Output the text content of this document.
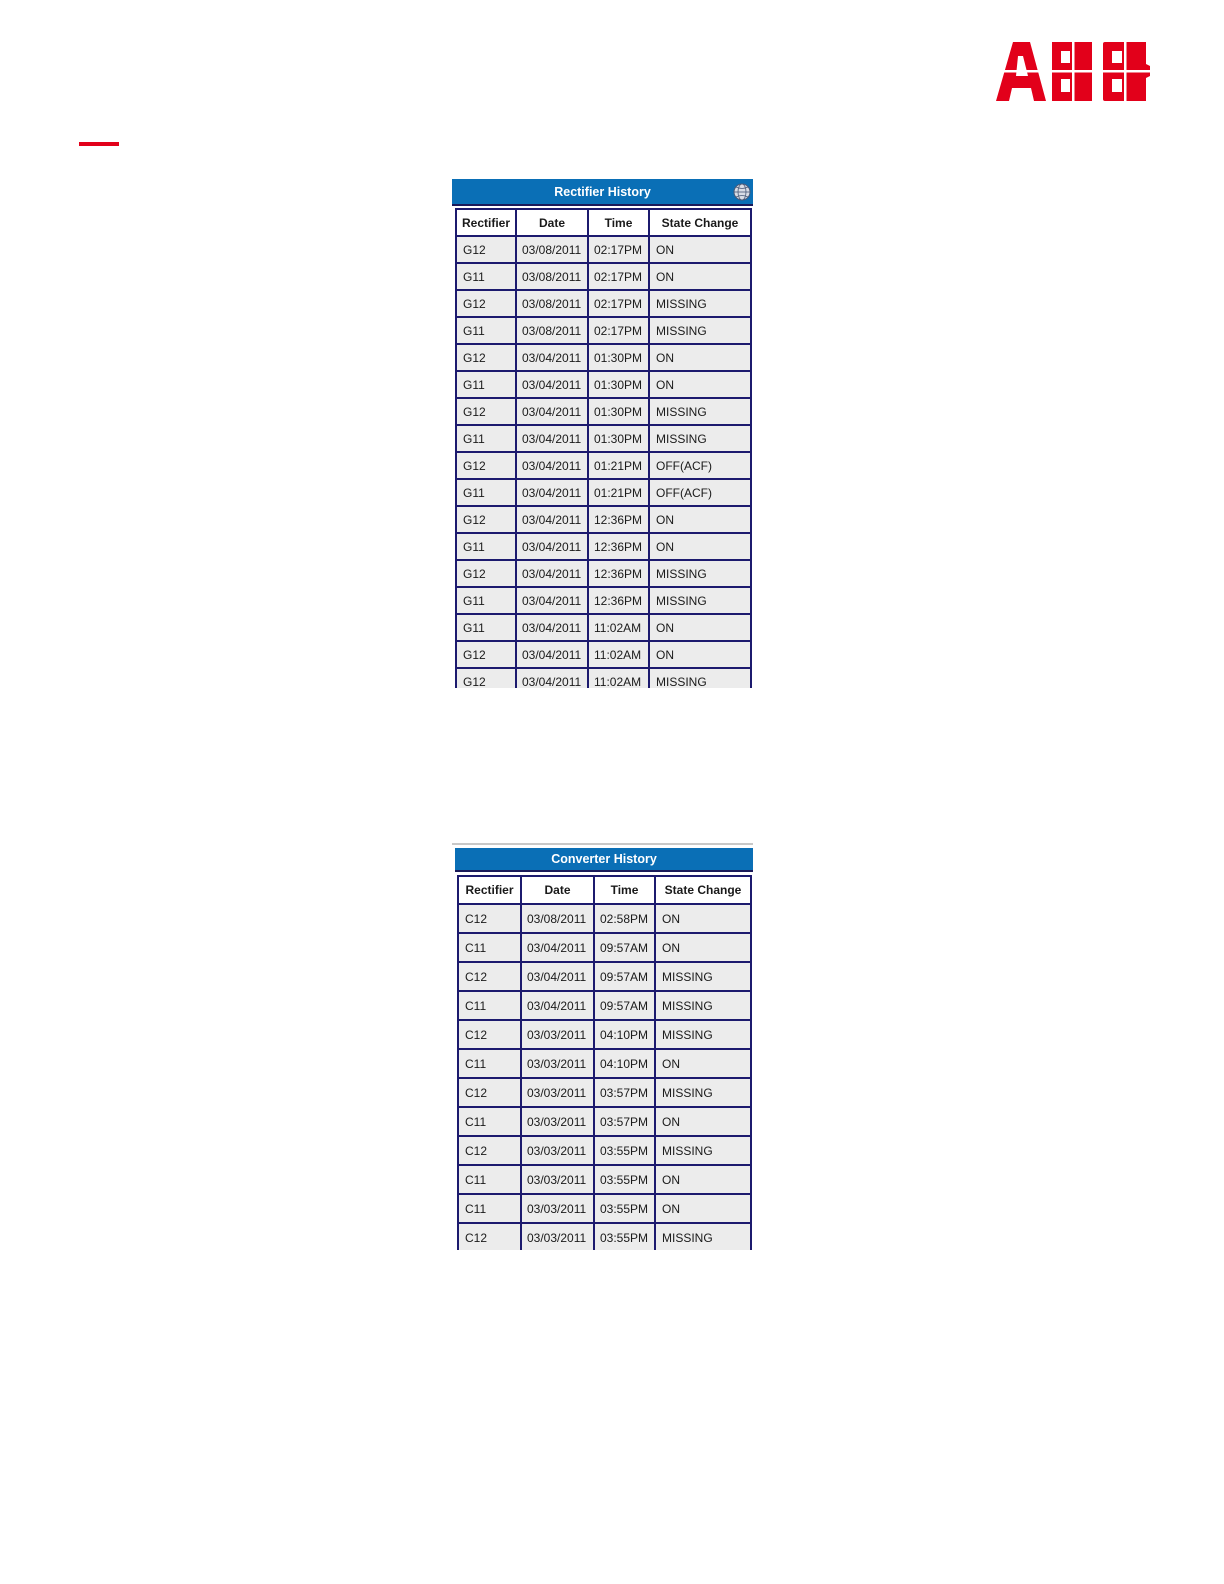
Rectifier History
Rectifier	Date	Time	State Change
G12	03/08/2011	02:17PM	ON
G11	03/08/2011	02:17PM	ON
G12	03/08/2011	02:17PM	MISSING
G11	03/08/2011	02:17PM	MISSING
G12	03/04/2011	01:30PM	ON
G11	03/04/2011	01:30PM	ON
G12	03/04/2011	01:30PM	MISSING
G11	03/04/2011	01:30PM	MISSING
G12	03/04/2011	01:21PM	OFF(ACF)
G11	03/04/2011	01:21PM	OFF(ACF)
G12	03/04/2011	12:36PM	ON
G11	03/04/2011	12:36PM	ON
G12	03/04/2011	12:36PM	MISSING
G11	03/04/2011	12:36PM	MISSING
G11	03/04/2011	11:02AM	ON
G12	03/04/2011	11:02AM	ON
G12	03/04/2011	11:02AM	MISSING
Converter History
Rectifier	Date	Time	State Change
C12	03/08/2011	02:58PM	ON
C11	03/04/2011	09:57AM	ON
C12	03/04/2011	09:57AM	MISSING
C11	03/04/2011	09:57AM	MISSING
C12	03/03/2011	04:10PM	MISSING
C11	03/03/2011	04:10PM	ON
C12	03/03/2011	03:57PM	MISSING
C11	03/03/2011	03:57PM	ON
C12	03/03/2011	03:55PM	MISSING
C11	03/03/2011	03:55PM	ON
C11	03/03/2011	03:55PM	ON
C12	03/03/2011	03:55PM	MISSING
